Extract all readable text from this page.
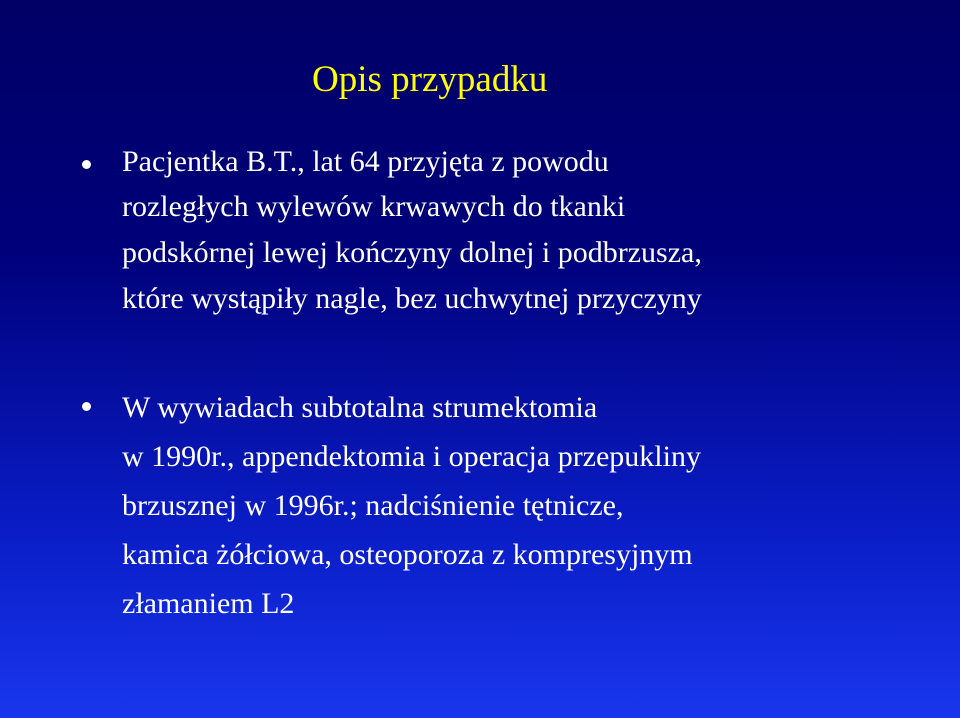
Opis przypadku
Pacjentka B.T., lat 64 przyjęta z powodu
rozległych wylewów krwawych do tkanki
podskórnej lewej kończyny dolnej i podbrzusza,
które wystąpiły nagle, bez uchwytnej przyczyny
W wywiadach subtotalna strumektomia
w 1990r., appendektomia i operacja przepukliny
brzusznej w 1996r.; nadciśnienie tętnicze,
kamica żółciowa, osteoporoza z kompresyjnym
złamaniem L2
